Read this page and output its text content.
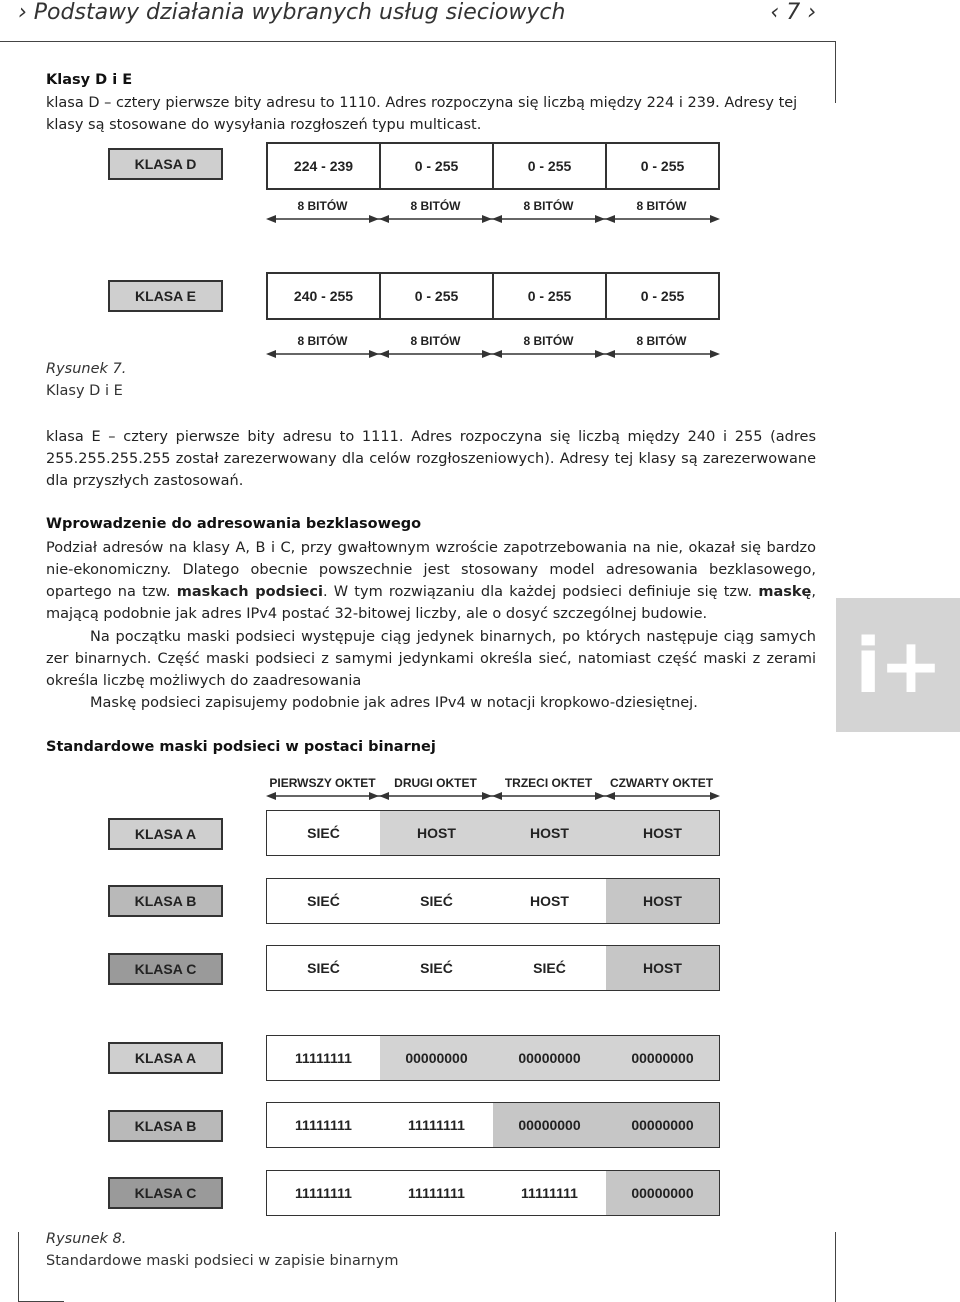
› Podstawy działania wybranych usług sieciowych	‹ 7 ›
i+
Klasy D i E
klasa D – cztery pierwsze bity adresu to 1110. Adres rozpoczyna się liczbą między 224 i 239. Adresy tej klasy są stosowane do wysyłania rozgłoszeń typu multicast.
KLASA D	224 - 239	0 - 255	0 - 255	0 - 255
8 BITÓW	8 BITÓW	8 BITÓW	8 BITÓW
KLASA E	240 - 255	0 - 255	0 - 255	0 - 255
8 BITÓW	8 BITÓW	8 BITÓW	8 BITÓW
Rysunek 7.
Klasy D i E
klasa E – cztery pierwsze bity adresu to 1111. Adres rozpoczyna się liczbą między 240 i 255 (adres 255.255.255.255 został zarezerwowany dla celów rozgłoszeniowych). Adresy tej klasy są zarezerwowane dla przyszłych zastosowań.
Wprowadzenie do adresowania bezklasowego
Podział adresów na klasy A, B i C, przy gwałtownym wzroście zapotrzebowania na nie, okazał się bardzo nie-ekonomiczny. Dlatego obecnie powszechnie jest stosowany model adresowania bezklasowego, opartego na tzw. maskach podsieci. W tym rozwiązaniu dla każdej podsieci definiuje się tzw. maskę, mającą podobnie jak adres IPv4 postać 32-bitowej liczby, ale o dosyć szczególnej budowie.
Na początku maski podsieci występuje ciąg jedynek binarnych, po których następuje ciąg samych zer binarnych. Część maski podsieci z samymi jedynkami określa sieć, natomiast część maski z zerami określa liczbę możliwych do zaadresowania
Maskę podsieci zapisujemy podobnie jak adres IPv4 w notacji kropkowo-dziesiętnej.
Standardowe maski podsieci w postaci binarnej
PIERWSZY OKTET	DRUGI OKTET	TRZECI OKTET	CZWARTY OKTET
KLASA A	SIEĆ	HOST	HOST	HOST
KLASA B	SIEĆ	SIEĆ	HOST	HOST
KLASA C	SIEĆ	SIEĆ	SIEĆ	HOST
KLASA A	11111111	00000000	00000000	00000000
KLASA B	11111111	11111111	00000000	00000000
KLASA C	11111111	11111111	11111111	00000000
Rysunek 8.
Standardowe maski podsieci w zapisie binarnym
